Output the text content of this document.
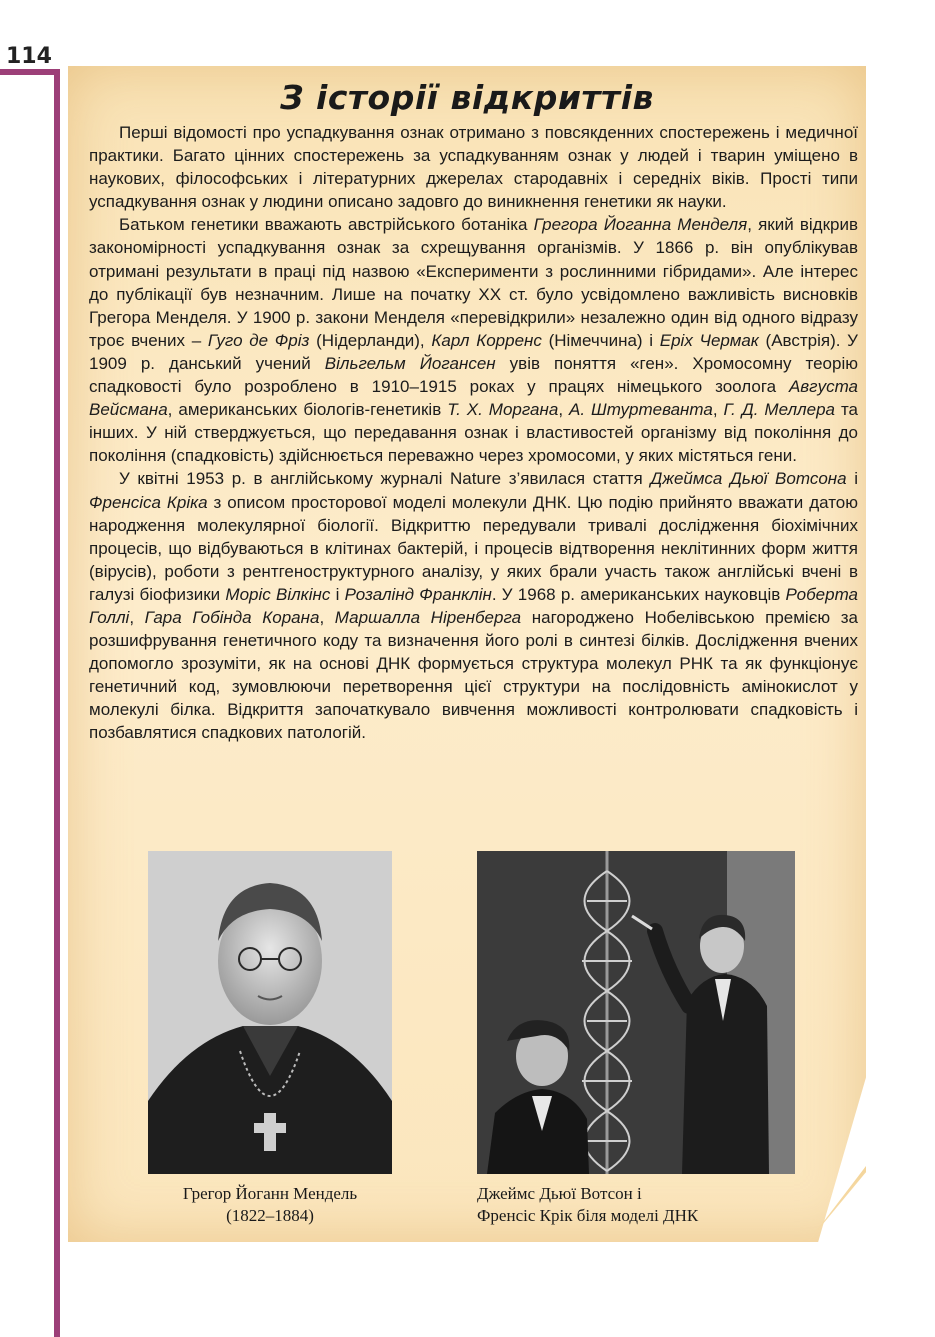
114
З історії відкриттів

Перші відомості про успадкування ознак отримано з повсякденних спостережень і медичної практики. Багато цінних спостережень за успадкуванням ознак у людей і тварин уміщено в наукових, філософських і літературних джерелах стародавніх і середніх віків. Прості типи успадкування ознак у людини описано задовго до виникнення генетики як науки.

Батьком генетики вважають австрійського ботаніка Грегора Йоганна Менделя, який відкрив закономірності успадкування ознак за схрещування організмів. У 1866 р. він опублікував отримані результати в праці під назвою «Експерименти з рослинними гібридами». Але інтерес до публікації був незначним. Лише на початку ХХ ст. було усвідомлено важливість висновків Грегора Менделя. У 1900 р. закони Менделя «перевідкрили» незалежно один від одного відразу троє вчених – Гуго де Фріз (Нідерланди), Карл Корренс (Німеччина) і Еріх Чермак (Австрія). У 1909 р. данський учений Вільгельм Йогансен увів поняття «ген». Хромосомну теорію спадковості було розроблено в 1910–1915 роках у працях німецького зоолога Августа Вейсмана, американських біологів-генетиків Т. Х. Моргана, А. Штуртеванта, Г. Д. Меллера та інших. У ній стверджується, що передавання ознак і властивостей організму від покоління до покоління (спадковість) здійснюється переважно через хромосоми, у яких містяться гени.

У квітні 1953 р. в англійському журналі Nature з’явилася стаття Джеймса Дьюї Вотсона і Френсіса Кріка з описом просторової моделі молекули ДНК. Цю подію прийнято вважати датою народження молекулярної біології. Відкриттю передували тривалі дослідження біохімічних процесів, що відбуваються в клітинах бактерій, і процесів відтворення неклітинних форм життя (вірусів), роботи з рентгеноструктурного аналізу, у яких брали участь також англійські вчені в галузі біофизики Моріс Вілкінс і Розалінд Франклін. У 1968 р. американських науковців Роберта Голлі, Гара Гобінда Корана, Маршалла Ніренберга нагороджено Нобелівською премією за розшифрування генетичного коду та визначення його ролі в синтезі білків. Дослідження вчених допомогло зрозуміти, як на основі ДНК формується структура молекул РНК та як функціонує генетичний код, зумовлюючи перетворення цієї структури на послідовність амінокислот у молекулі білка. Відкриття започаткувало вивчення можливості контролювати спадковість і позбавлятися спадкових патологій.

Грегор Йоганн Мендель
(1822–1884)
Джеймс Дьюї Вотсон і
Френсіс Крік біля моделі ДНК
